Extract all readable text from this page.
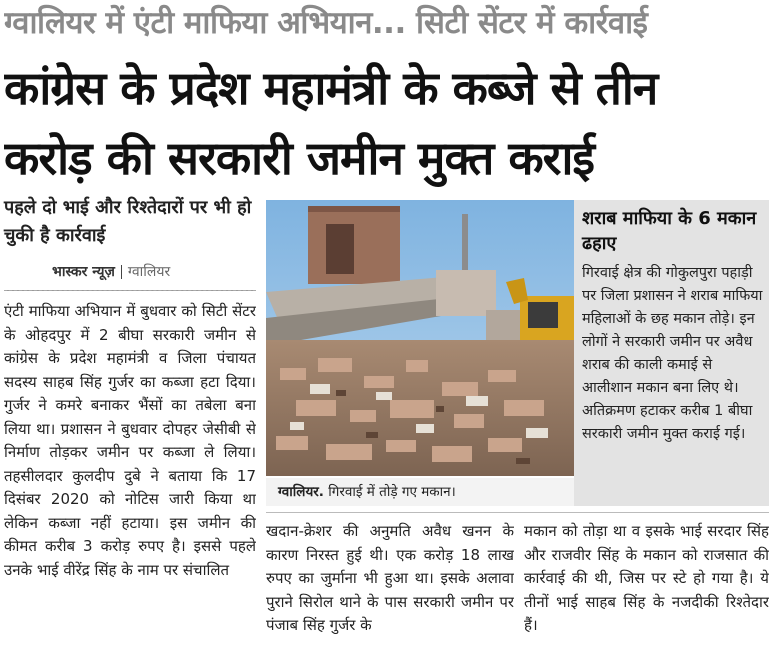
ग्वालियर में एंटी माफिया अभियान... सिटी सेंटर में कार्रवाई
कांग्रेस के प्रदेश महामंत्री के कब्जे से तीन
करोड़ की सरकारी जमीन मुक्त कराई
पहले दो भाई और रिश्तेदारों पर भी हो चुकी है कार्रवाई
भास्कर न्यूज़ ग्वालियर

एंटी माफिया अभियान में बुधवार को सिटी सेंटर के ओहदपुर में 2 बीघा सरकारी जमीन से कांग्रेस के प्रदेश महामंत्री व जिला पंचायत सदस्य साहब सिंह गुर्जर का कब्जा हटा दिया। गुर्जर ने कमरे बनाकर भैंसों का तबेला बना लिया था। प्रशासन ने बुधवार दोपहर जेसीबी से निर्माण तोड़कर जमीन पर कब्जा ले लिया। तहसीलदार कुलदीप दुबे ने बताया कि 17 दिसंबर 2020 को नोटिस जारी किया था लेकिन कब्जा नहीं हटाया। इस जमीन की कीमत करीब 3 करोड़ रुपए है। इससे पहले उनके भाई वीरेंद्र सिंह के नाम पर संचालित

ग्वालियर. गिरवाई में तोड़े गए मकान।
शराब माफिया के 6 मकान ढहाए
गिरवाई क्षेत्र की गोकुलपुरा पहाड़ी पर जिला प्रशासन ने शराब माफिया महिलाओं के छह मकान तोड़े। इन लोगों ने सरकारी जमीन पर अवैध शराब की काली कमाई से आलीशान मकान बना लिए थे। अतिक्रमण हटाकर करीब 1 बीघा सरकारी जमीन मुक्त कराई गई।

खदान-क्रेशर की अनुमति अवैध खनन के कारण निरस्त हुई थी। एक करोड़ 18 लाख रुपए का जुर्माना भी हुआ था। इसके अलावा पुराने सिरोल थाने के पास सरकारी जमीन पर पंजाब सिंह गुर्जर के

मकान को तोड़ा था व इसके भाई सरदार सिंह और राजवीर सिंह के मकान को राजसात की कार्रवाई की थी, जिस पर स्टे हो गया है। ये तीनों भाई साहब सिंह के नजदीकी रिश्तेदार हैं।
